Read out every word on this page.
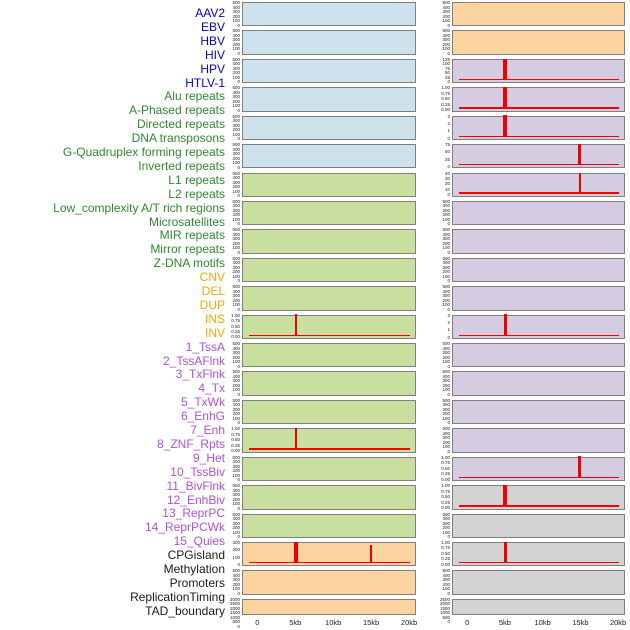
AAV2
EBV
HBV
HIV
HPV
HTLV-1
Alu repeats
A-Phased repeats
Directed repeats
DNA transposons
G-Quadruplex forming repeats
Inverted repeats
L1 repeats
L2 repeats
Low_complexity A/T rich regions
Microsatellites
MIR repeats
Mirror repeats
Z-DNA motifs
CNV
DEL
DUP
INS
INV
1_TssA
2_TssAFlnk
3_TxFlnk
4_Tx
5_TxWk
6_EnhG
7_Enh
8_ZNF_Rpts
9_Het
10_TssBiv
11_BivFlnk
12_EnhBiv
13_ReprPC
14_ReprPCWk
15_Quies
CPGisland
Methylation
Promoters
ReplicationTiming
TAD_boundary
500
400
300
200
100
0
500
400
300
200
100
0
500
400
300
200
100
0
500
400
300
200
100
0
500
400
300
200
100
0
500
400
300
200
100
0
500
400
300
200
100
0
500
400
300
200
100
0
500
400
300
200
100
0
500
400
300
200
100
0
500
400
300
200
100
0
1.00
0.75
0.50
0.25
0.00
500
400
300
200
100
0
500
400
300
200
100
0
500
400
300
200
100
0
1.00
0.75
0.50
0.25
0.00
500
400
300
200
100
0
500
400
300
200
100
0
500
400
300
200
100
0
300
200
100
0
500
400
300
200
100
0
3000
2500
2000
1500
1000
500
0
500
400
300
200
100
0
500
400
300
200
100
0
125
100
75
50
25
0
1.00
0.75
0.50
0.25
0.00
3
2
1
0
75
50
25
0
40
30
20
10
0
500
400
300
200
100
0
500
400
300
200
100
0
500
400
300
200
100
0
500
400
300
200
100
0
3
2
1
0
500
400
300
200
100
0
500
400
300
200
100
0
500
400
300
200
100
0
500
400
300
200
100
0
1.00
0.75
0.50
0.25
0.00
1.00
0.75
0.50
0.25
0.00
500
400
300
200
100
0
1.00
0.75
0.50
0.25
0.00
500
400
300
200
100
0
2500
2000
1500
1000
500
0
0	5kb	10kb	15kb	20kb	0	5kb	10kb	15kb	20kb
